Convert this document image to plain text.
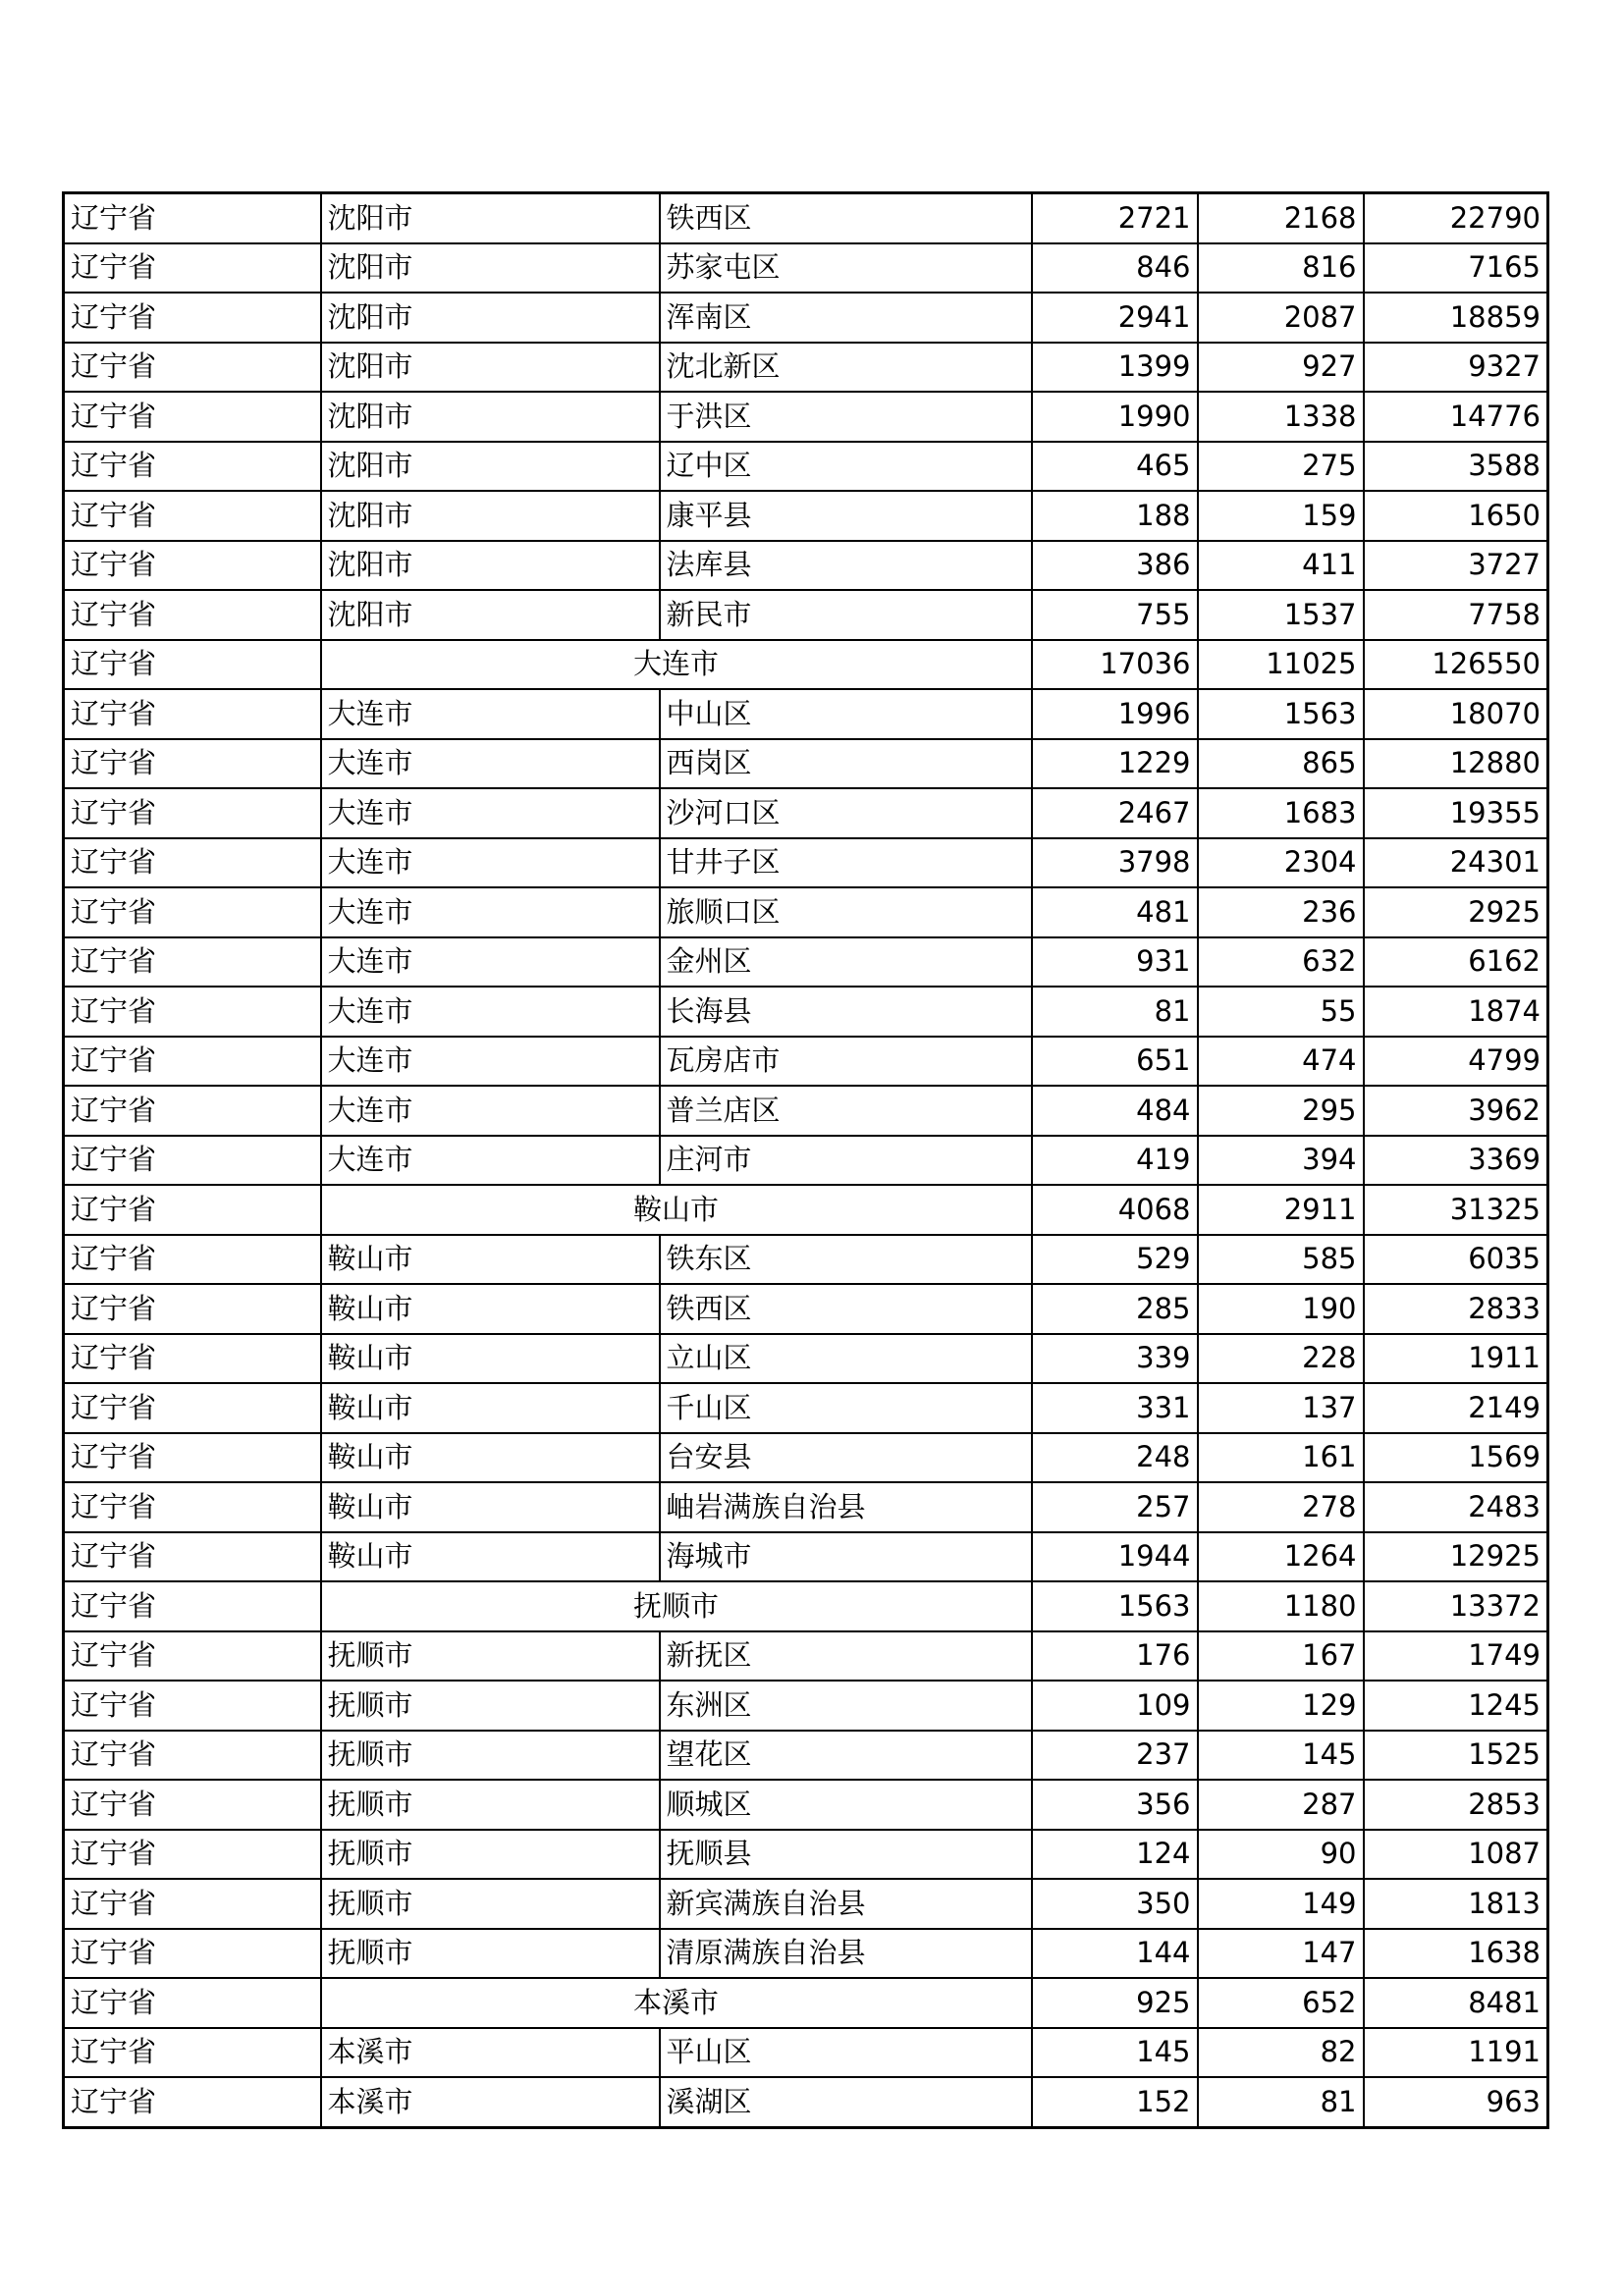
辽宁省	沈阳市	铁西区	2721	2168	22790
辽宁省	沈阳市	苏家屯区	846	816	7165
辽宁省	沈阳市	浑南区	2941	2087	18859
辽宁省	沈阳市	沈北新区	1399	927	9327
辽宁省	沈阳市	于洪区	1990	1338	14776
辽宁省	沈阳市	辽中区	465	275	3588
辽宁省	沈阳市	康平县	188	159	1650
辽宁省	沈阳市	法库县	386	411	3727
辽宁省	沈阳市	新民市	755	1537	7758
辽宁省	大连市		17036	11025	126550
辽宁省	大连市	中山区	1996	1563	18070
辽宁省	大连市	西岗区	1229	865	12880
辽宁省	大连市	沙河口区	2467	1683	19355
辽宁省	大连市	甘井子区	3798	2304	24301
辽宁省	大连市	旅顺口区	481	236	2925
辽宁省	大连市	金州区	931	632	6162
辽宁省	大连市	长海县	81	55	1874
辽宁省	大连市	瓦房店市	651	474	4799
辽宁省	大连市	普兰店区	484	295	3962
辽宁省	大连市	庄河市	419	394	3369
辽宁省	鞍山市		4068	2911	31325
辽宁省	鞍山市	铁东区	529	585	6035
辽宁省	鞍山市	铁西区	285	190	2833
辽宁省	鞍山市	立山区	339	228	1911
辽宁省	鞍山市	千山区	331	137	2149
辽宁省	鞍山市	台安县	248	161	1569
辽宁省	鞍山市	岫岩满族自治县	257	278	2483
辽宁省	鞍山市	海城市	1944	1264	12925
辽宁省	抚顺市		1563	1180	13372
辽宁省	抚顺市	新抚区	176	167	1749
辽宁省	抚顺市	东洲区	109	129	1245
辽宁省	抚顺市	望花区	237	145	1525
辽宁省	抚顺市	顺城区	356	287	2853
辽宁省	抚顺市	抚顺县	124	90	1087
辽宁省	抚顺市	新宾满族自治县	350	149	1813
辽宁省	抚顺市	清原满族自治县	144	147	1638
辽宁省	本溪市		925	652	8481
辽宁省	本溪市	平山区	145	82	1191
辽宁省	本溪市	溪湖区	152	81	963
